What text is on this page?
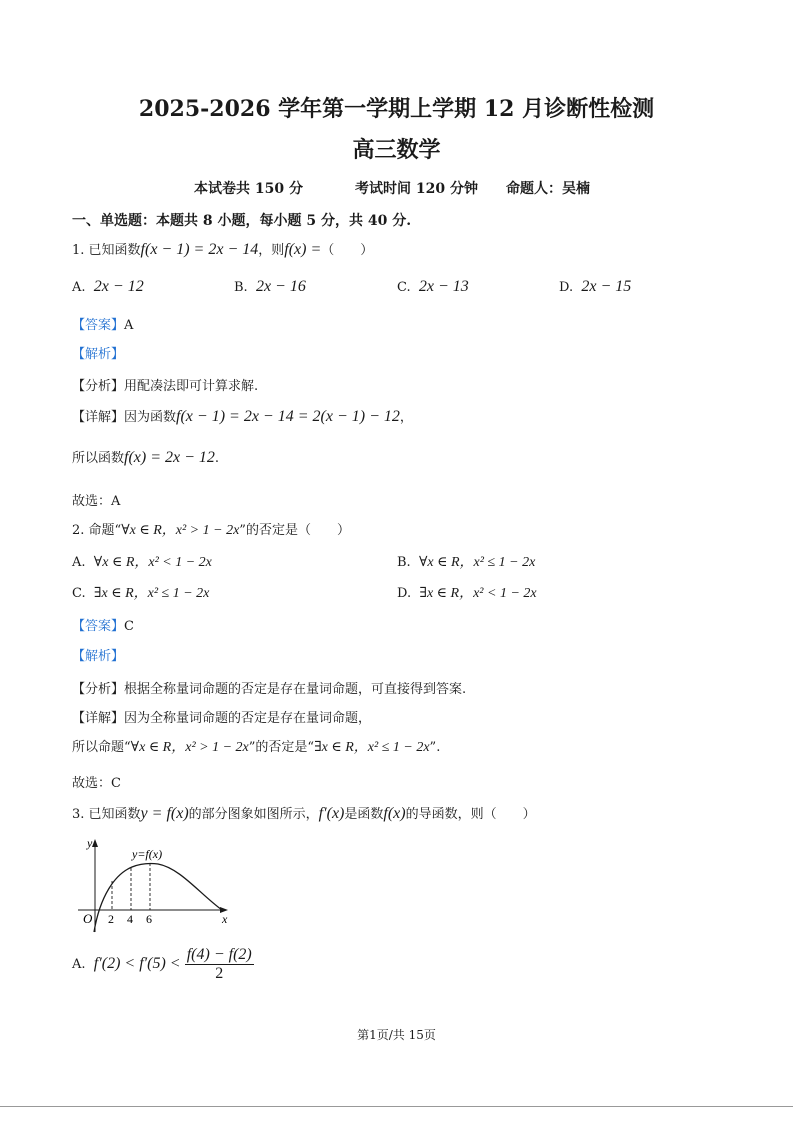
2025-2026 学年第一学期上学期 12 月诊断性检测
高三数学
本试卷共 150 分	考试时间 120 分钟 命题人：吴楠
一、单选题：本题共 8 小题，每小题 5 分，共 40 分.
1. 已知函数f(x − 1) = 2x − 14，则f(x) =（　　）
A. 2x − 12	B. 2x − 16	C. 2x − 13	D. 2x − 15
【答案】A
【解析】
【分析】用配凑法即可计算求解.
【详解】因为函数f(x − 1) = 2x − 14 = 2(x − 1) − 12，
所以函数f(x) = 2x − 12.
故选：A
2. 命题“∀x ∈ R，x² > 1 − 2x”的否定是（　　）
A. ∀x ∈ R，x² < 1 − 2x	B. ∀x ∈ R，x² ≤ 1 − 2x
C. ∃x ∈ R，x² ≤ 1 − 2x	D. ∃x ∈ R，x² < 1 − 2x
【答案】C
【解析】
【分析】根据全称量词命题的否定是存在量词命题，可直接得到答案.
【详解】因为全称量词命题的否定是存在量词命题，
所以命题“∀x ∈ R，x² > 1 − 2x”的否定是“∃x ∈ R，x² ≤ 1 − 2x”.
故选：C
3. 已知函数y = f(x)的部分图象如图所示，f′(x)是函数f(x)的导函数，则（　　）
y
y=f(x)
O 2 4 6	x
A. $f'(2) < f'(5) < \frac{f(4) - f(2)}{2}$
第1页/共 15页
